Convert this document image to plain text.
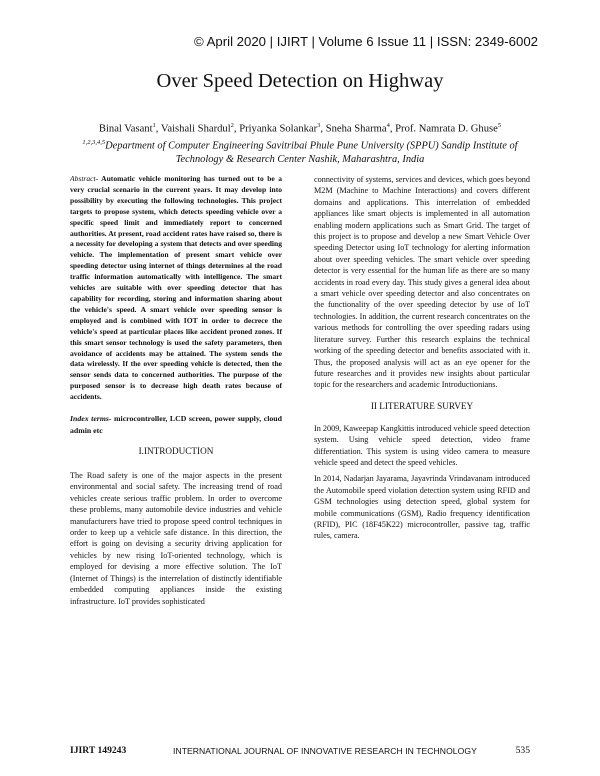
© April 2020 | IJIRT | Volume 6 Issue 11 | ISSN: 2349-6002
Over Speed Detection on Highway
Binal Vasant$^1$, Vaishali Shardul$^2$, Priyanka Solankar$^3$, Sneha Sharma$^4$, Prof. Namrata D. Ghuse$^5$
$^{1,2,3,4,5}$Department of Computer Engineering Savitribai Phule Pune University (SPPU) Sandip Institute of
Technology & Research Center Nashik, Maharashtra, India

Abstract- Automatic vehicle monitoring has turned out to be a very crucial scenario in the current years. It may develop into possibility by executing the following technologies. This project targets to propose system, which detects speeding vehicle over a specific speed limit and immediately report to concerned authorities. At present, road accident rates have raised so, there is a necessity for developing a system that detects and over speeding vehicle. The implementation of present smart vehicle over speeding detector using internet of things determines al the road traffic information automatically with intelligence. The smart vehicles are suitable with over speeding detector that has capability for recording, storing and information sharing about the vehicle's speed. A smart vehicle over speeding sensor is employed and is combined with IOT in order to decrece the vehicle's speed at particular places like accident proned zones. If this smart sensor technology is used the safety parameters, then avoidance of accidents may be attained. The system sends the data wirelessly. If the over speeding vehicle is detected, then the sensor sends data to concerned authorities. The purpose of the purposed sensor is to decrease high death rates because of accidents.

Index terms- microcontroller, LCD screen, power supply, cloud admin etc
I.INTRODUCTION

The Road safety is one of the major aspects in the present environmental and social safety. The increasing trend of road vehicles create serious traffic problem. In order to overcome these problems, many automobile device industries and vehicle manufacturers have tried to propose speed control techniques in order to keep up a vehicle safe distance. In this direction, the effort is going on devising a security driving application for vehicles by new rising IoT-oriented technology, which is employed for devising a more effective solution. The IoT (Internet of Things) is the interrelation of distinctly identifiable embedded computing appliances inside the existing infrastructure. IoT provides sophisticated

connectivity of systems, services and devices, which goes beyond M2M (Machine to Machine Interactions) and covers different domains and applications. This interrelation of embedded appliances like smart objects is implemented in all automation enabling modern applications such as Smart Grid. The target of this project is to propose and develop a new Smart Vehicle Over speeding Detector using IoT technology for alerting information about over speeding vehicles. The smart vehicle over speeding detector is very essential for the human life as there are so many accidents in road every day. This study gives a general idea about a smart vehicle over speeding detector and also concentrates on the functionality of the over speeding detector by use of IoT technologies. In addition, the current research concentrates on the various methods for controlling the over speeding radars using literature survey. Further this research explains the technical working of the speeding detector and benefits associated with it. Thus, the proposed analysis will act as an eye opener for the future researches and it provides new insights about particular topic for the researchers and academic Introductionians.

II LITERATURE SURVEY

In 2009, Kaweepap Kangkittis introduced vehicle speed detection system. Using vehicle speed detection, video frame differentiation. This system is using video camera to measure vehicle speed and detect the speed vehicles.

In 2014, Nadarjan Jayarama, Jayavrinda Vrindavanam introduced the Automobile speed violation detection system using RFID and GSM technologies using detection speed, global system for mobile communications (GSM), Radio frequency identification (RFID), PIC (18F45K22) microcontroller, passive tag, traffic rules, camera.

IJIRT 149243	INTERNATIONAL JOURNAL OF INNOVATIVE RESEARCH IN TECHNOLOGY	535
